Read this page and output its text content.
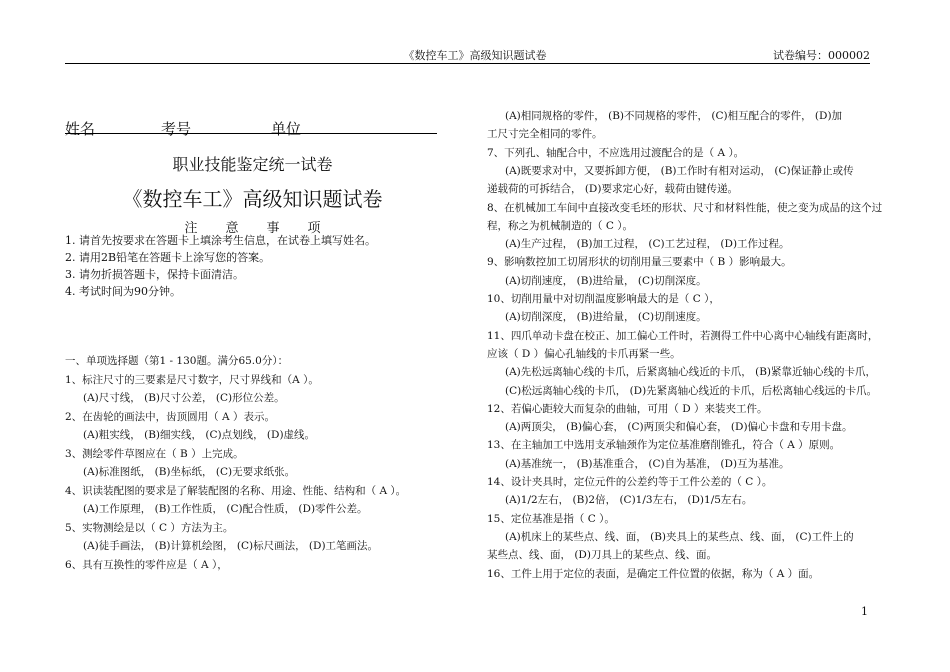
《数控车工》高级知识题试卷	试卷编号：000002
姓名	考号	单位
职业技能鉴定统一试卷
《数控车工》高级知识题试卷
注意事项
1. 请首先按要求在答题卡上填涂考生信息，在试卷上填写姓名。
2. 请用2B铅笔在答题卡上涂写您的答案。
3. 请勿折损答题卡，保持卡面清洁。
4. 考试时间为90分钟。
一、单项选择题（第1 - 130题。满分65.0分）：
1、标注尺寸的三要素是尺寸数字，尺寸界线和（A ）。
(A)尺寸线， (B)尺寸公差， (C)形位公差。
2、在齿轮的画法中，齿顶圆用（ A ）表示。
(A)粗实线， (B)细实线， (C)点划线， (D)虚线。
3、测绘零件草图应在（ B ）上完成。
(A)标准图纸， (B)坐标纸， (C)无要求纸张。
4、识读装配图的要求是了解装配图的名称、用途、性能、结构和（ A ）。
(A)工作原理， (B)工作性质， (C)配合性质， (D)零件公差。
5、实物测绘是以（ C ）方法为主。
(A)徒手画法， (B)计算机绘图， (C)标尺画法， (D)工笔画法。
6、具有互换性的零件应是（ A ），
(A)相同规格的零件， (B)不同规格的零件， (C)相互配合的零件， (D)加
工尺寸完全相同的零件。
7、下列孔、轴配合中，不应选用过渡配合的是（ A ）。
(A)既要求对中，又要拆卸方便， (B)工作时有相对运动， (C)保证静止或传
递载荷的可拆结合， (D)要求定心好，载荷由键传递。
8、在机械加工车间中直接改变毛坯的形状、尺寸和材料性能，使之变为成品的这个过
程，称之为机械制造的（ C ）。
(A)生产过程， (B)加工过程， (C)工艺过程， (D)工作过程。
9、影响数控加工切屑形状的切削用量三要素中（ B ）影响最大。
(A)切削速度， (B)进给量， (C)切削深度。
10、切削用量中对切削温度影响最大的是（ C ），
(A)切削深度， (B)进给量， (C)切削速度。
11、四爪单动卡盘在校正、加工偏心工件时，若测得工件中心离中心轴线有距离时，
应该（ D ）偏心孔轴线的卡爪再紧一些。
(A)先松远离轴心线的卡爪，后紧离轴心线近的卡爪， (B)紧靠近轴心线的卡爪，
(C)松远离轴心线的卡爪， (D)先紧离轴心线近的卡爪，后松离轴心线远的卡爪。
12、若偏心距较大而复杂的曲轴，可用（ D ）来装夹工件。
(A)两顶尖， (B)偏心套， (C)两顶尖和偏心套， (D)偏心卡盘和专用卡盘。
13、在主轴加工中选用支承轴颈作为定位基准磨削锥孔，符合（ A ）原则。
(A)基准统一， (B)基准重合， (C)自为基准， (D)互为基准。
14、设计夹具时，定位元件的公差约等于工件公差的（ C ）。
(A)1/2左右， (B)2倍， (C)1/3左右， (D)1/5左右。
15、定位基准是指（ C ）。
(A)机床上的某些点、线、面， (B)夹具上的某些点、线、面， (C)工件上的
某些点、线、面， (D)刀具上的某些点、线、面。
16、工件上用于定位的表面，是确定工件位置的依据，称为（ A ）面。
1
